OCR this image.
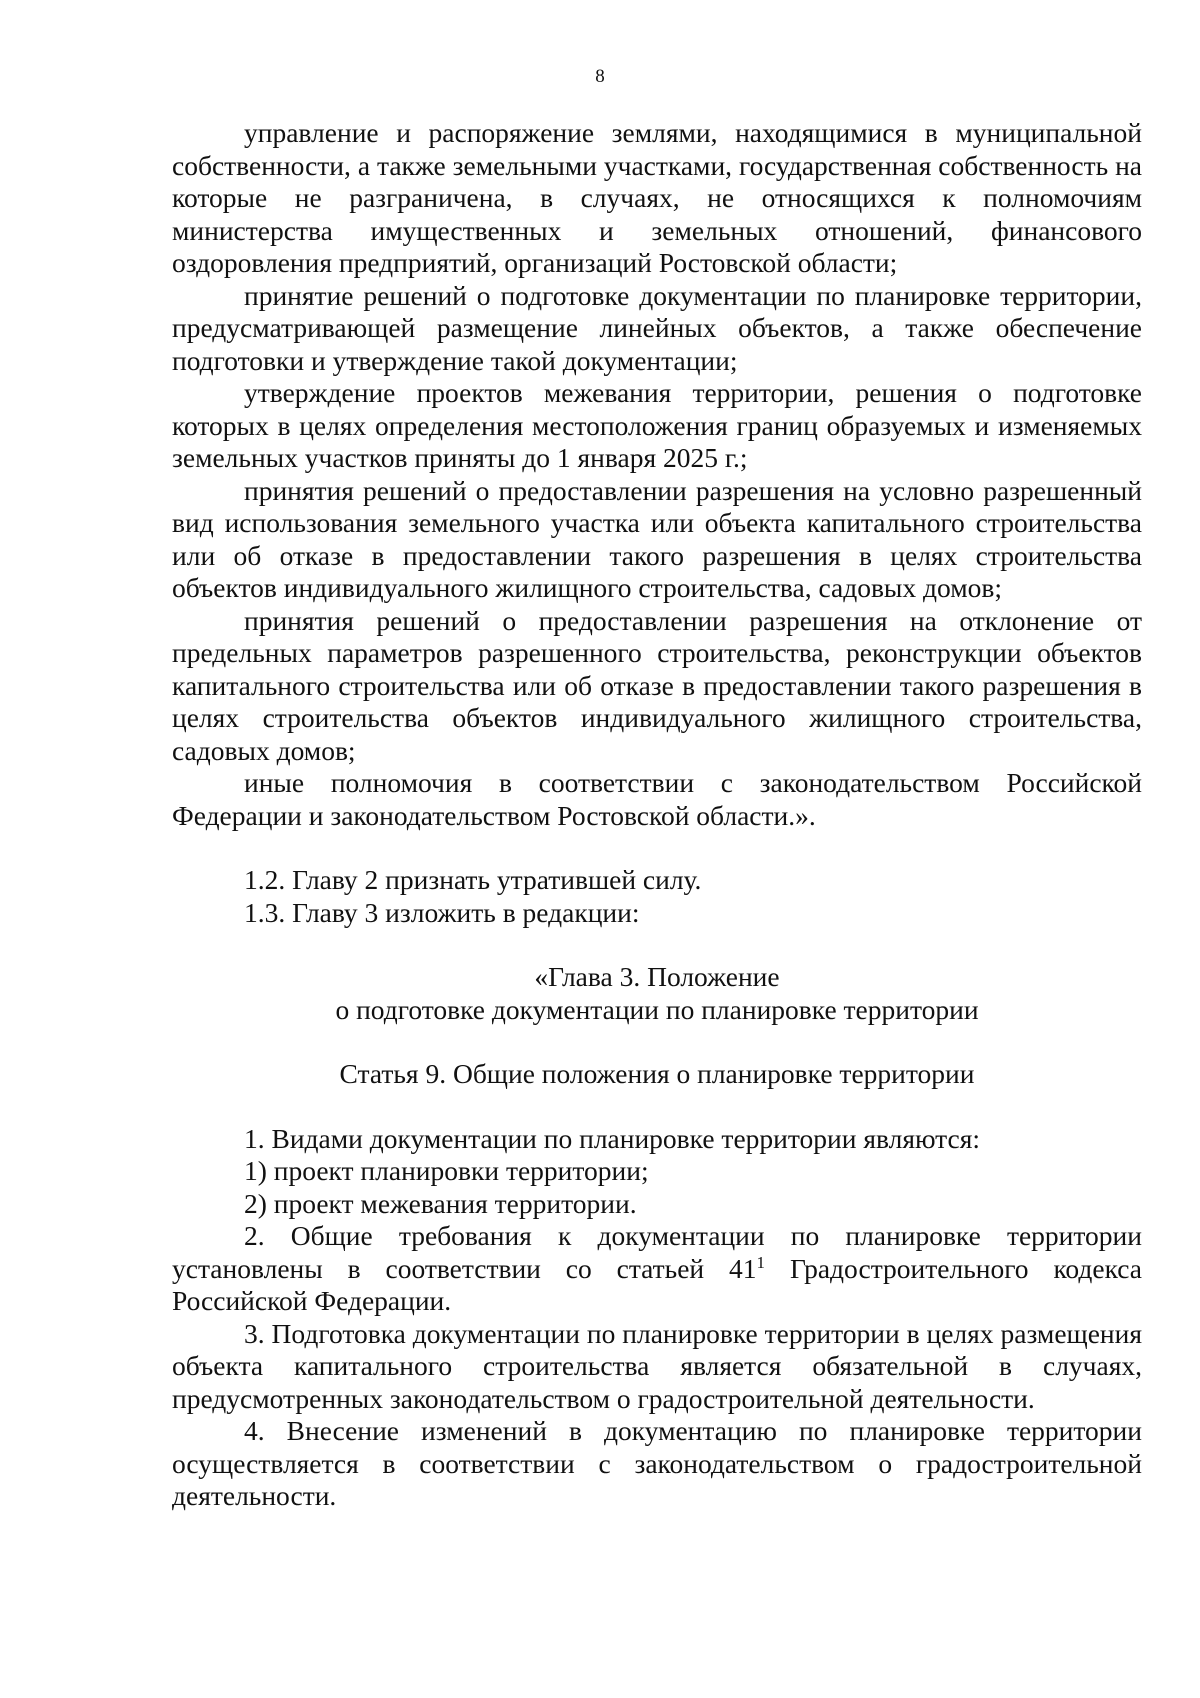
8

управление и распоряжение землями, находящимися в муниципальной собственности, а также земельными участками, государственная собственность на которые не разграничена, в случаях, не относящихся к полномочиям министерства имущественных и земельных отношений, финансового оздоровления предприятий, организаций Ростовской области;

принятие решений о подготовке документации по планировке территории, предусматривающей размещение линейных объектов, а также обеспечение подготовки и утверждение такой документации;

утверждение проектов межевания территории, решения о подготовке которых в целях определения местоположения границ образуемых и изменяемых земельных участков приняты до 1 января 2025 г.;

принятия решений о предоставлении разрешения на условно разрешенный вид использования земельного участка или объекта капитального строительства или об отказе в предоставлении такого разрешения в целях строительства объектов индивидуального жилищного строительства, садовых домов;

принятия решений о предоставлении разрешения на отклонение от предельных параметров разрешенного строительства, реконструкции объектов капитального строительства или об отказе в предоставлении такого разрешения в целях строительства объектов индивидуального жилищного строительства, садовых домов;

иные полномочия в соответствии с законодательством Российской Федерации и законодательством Ростовской области.».

1.2. Главу 2 признать утратившей силу.

1.3. Главу 3 изложить в редакции:

«Глава 3. Положение

о подготовке документации по планировке территории

Статья 9. Общие положения о планировке территории

1. Видами документации по планировке территории являются:

1) проект планировки территории;

2) проект межевания территории.

2. Общие требования к документации по планировке территории установлены в соответствии со статьей $41^1$ Градостроительного кодекса Российской Федерации.

3. Подготовка документации по планировке территории в целях размещения объекта капитального строительства является обязательной в случаях, предусмотренных законодательством о градостроительной деятельности.

4. Внесение изменений в документацию по планировке территории осуществляется в соответствии с законодательством о градостроительной деятельности.
